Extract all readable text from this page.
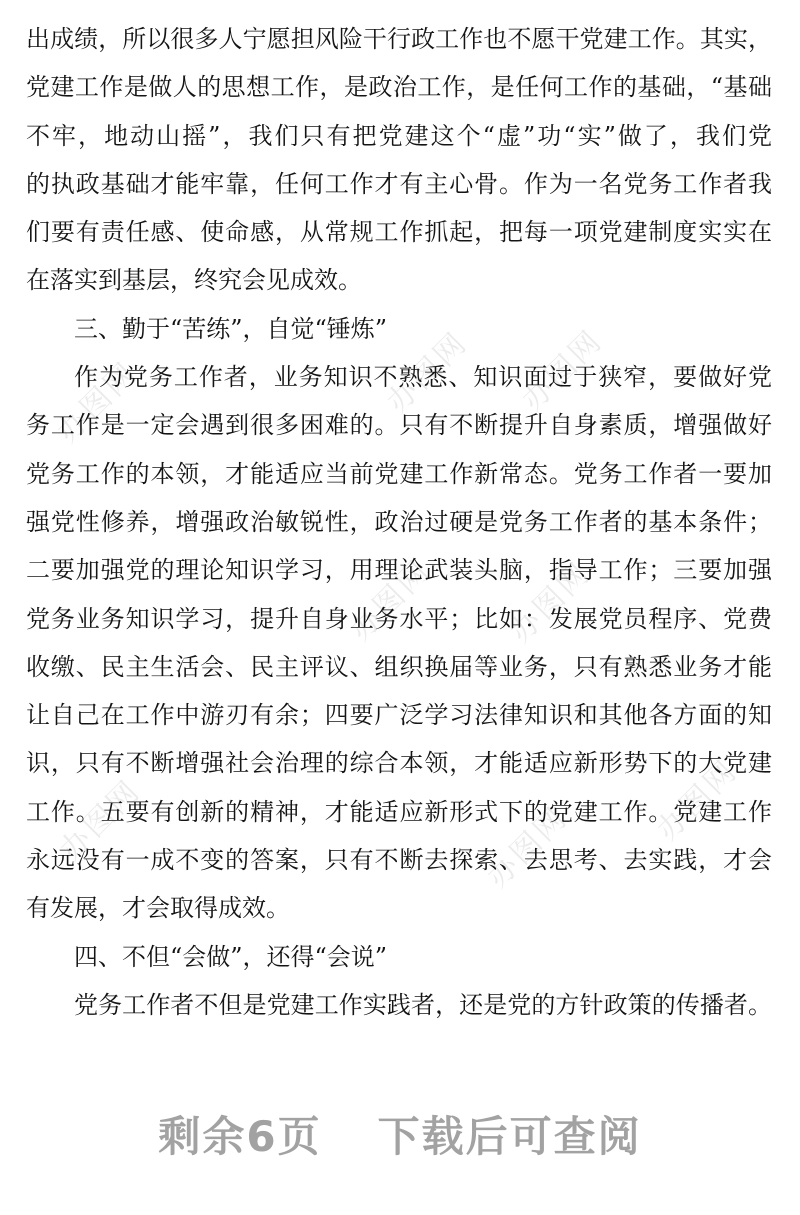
办图网	办图网 办图网
办图网 办图网
办图网	办图网	办图网
出成绩，所以很多人宁愿担风险干行政工作也不愿干党建工作。其实，
党建工作是做人的思想工作，是政治工作，是任何工作的基础，“基础
不牢，地动山摇”，我们只有把党建这个“虚”功“实”做了，我们党
的执政基础才能牢靠，任何工作才有主心骨。作为一名党务工作者我
们要有责任感、使命感，从常规工作抓起，把每一项党建制度实实在
在落实到基层，终究会见成效。
三、勤于“苦练”，自觉“锤炼”
作为党务工作者，业务知识不熟悉、知识面过于狭窄，要做好党
务工作是一定会遇到很多困难的。只有不断提升自身素质，增强做好
党务工作的本领，才能适应当前党建工作新常态。党务工作者一要加
强党性修养，增强政治敏锐性，政治过硬是党务工作者的基本条件；
二要加强党的理论知识学习，用理论武装头脑，指导工作；三要加强
党务业务知识学习，提升自身业务水平；比如：发展党员程序、党费
收缴、民主生活会、民主评议、组织换届等业务，只有熟悉业务才能
让自己在工作中游刃有余；四要广泛学习法律知识和其他各方面的知
识，只有不断增强社会治理的综合本领，才能适应新形势下的大党建
工作。五要有创新的精神，才能适应新形式下的党建工作。党建工作
永远没有一成不变的答案，只有不断去探索、去思考、去实践，才会
有发展，才会取得成效。
四、不但“会做”，还得“会说”
党务工作者不但是党建工作实践者，还是党的方针政策的传播者。
剩余6页 下载后可查阅
